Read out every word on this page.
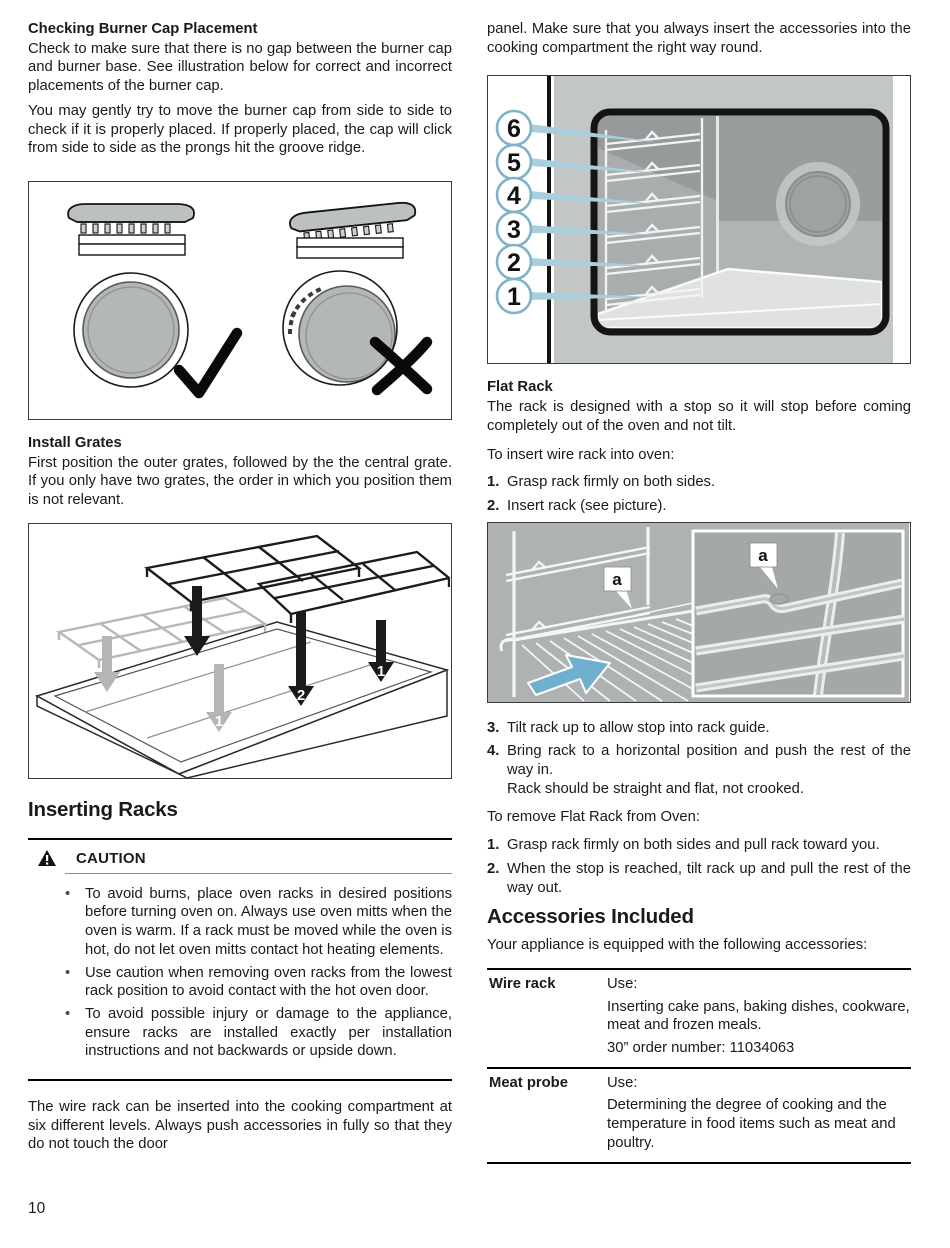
Checking Burner Cap Placement

Check to make sure that there is no gap between the burner cap and burner base. See illustration below for correct and incorrect placements of the burner cap.

You may gently try to move the burner cap from side to side to check if it is properly placed. If properly placed, the cap will click from side to side as the prongs hit the groove ridge.

Install Grates

First position the outer grates, followed by the the central grate. If you only have two grates, the order in which you position them is not relevant.

1
2
1
Inserting Racks
CAUTION
• To avoid burns, place oven racks in desired positions before turning oven on. Always use oven mitts when the oven is warm. If a rack must be moved while the oven is hot, do not let oven mitts contact hot heating elements.
• Use caution when removing oven racks from the lowest rack position to avoid contact with the hot oven door.
• To avoid possible injury or damage to the appliance, ensure racks are installed exactly per installation instructions and not backwards or upside down.

The wire rack can be inserted into the cooking compartment at six different levels. Always push accessories in fully so that they do not touch the door

panel. Make sure that you always insert the accessories into the cooking compartment the right way round.

6
5
4
3
2
1
Flat Rack

The rack is designed with a stop so it will stop before coming completely out of the oven and not tilt.

To insert wire rack into oven:

1. Grasp rack firmly on both sides.
2. Insert rack (see picture).
a
a
3. Tilt rack up to allow stop into rack guide.
4. Bring rack to a horizontal position and push the rest of the way in.
Rack should be straight and flat, not crooked.

To remove Flat Rack from Oven:

1. Grasp rack firmly on both sides and pull rack toward you.
2. When the stop is reached, tilt rack up and pull the rest of the way out.
Accessories Included

Your appliance is equipped with the following accessories:

Wire rack	Use:
Inserting cake pans, baking dishes, cookware, meat and frozen meals.
30” order number: 11034063
Meat probe	Use:
Determining the degree of cooking and the temperature in food items such as meat and poultry.
10
